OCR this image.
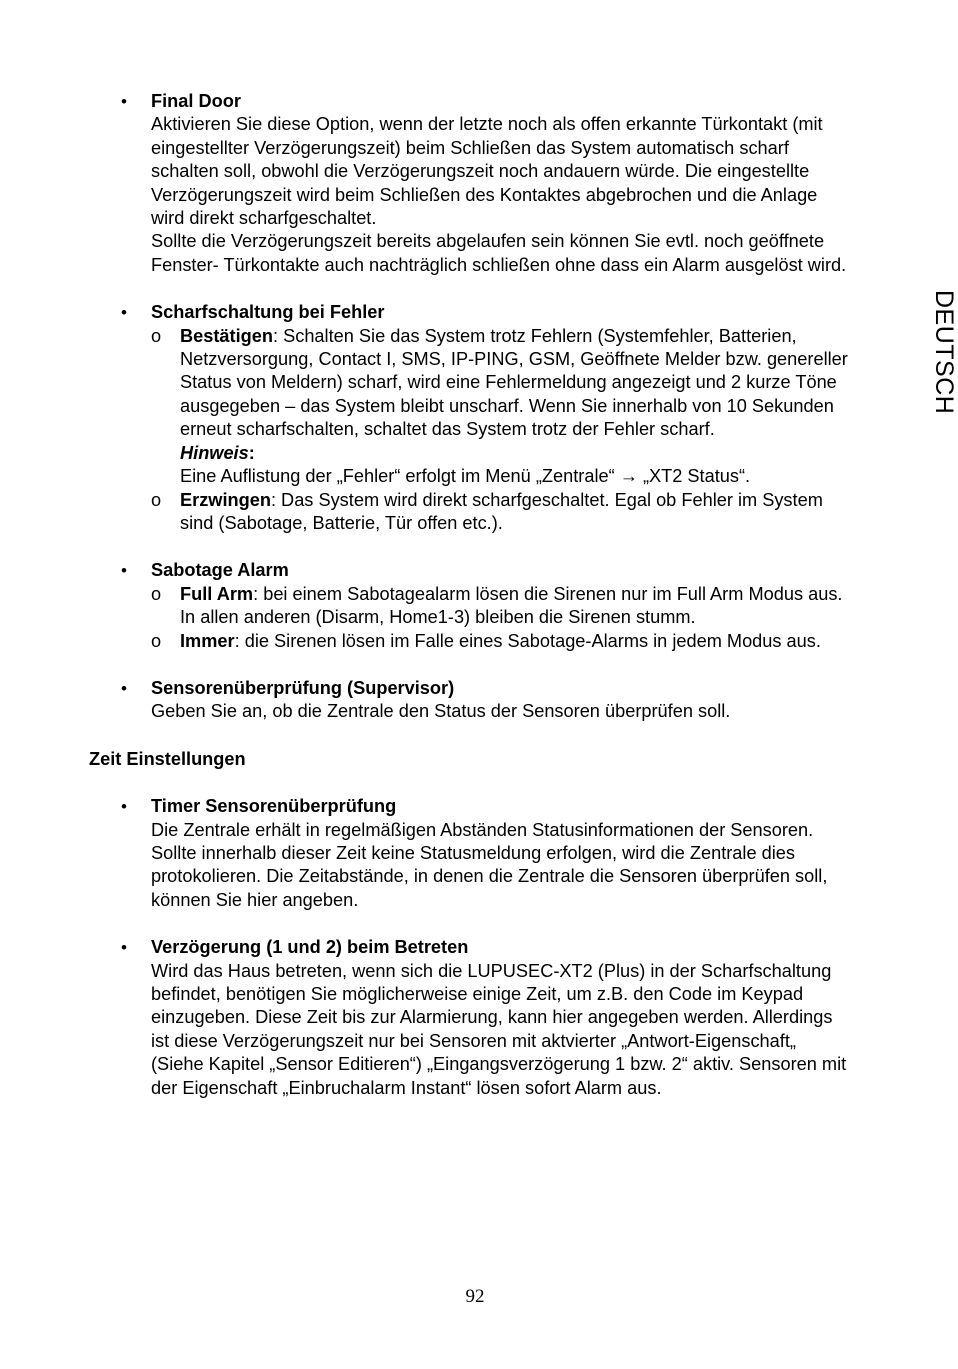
DEUTSCH
• Final Door
Aktivieren Sie diese Option, wenn der letzte noch als offen erkannte Türkontakt (mit eingestellter Verzögerungszeit) beim Schließen das System automatisch scharf schalten soll, obwohl die Verzögerungszeit noch andauern würde. Die eingestellte Verzögerungszeit wird beim Schließen des Kontaktes abgebrochen und die Anlage wird direkt scharfgeschaltet.
Sollte die Verzögerungszeit bereits abgelaufen sein können Sie evtl. noch geöffnete Fenster- Türkontakte auch nachträglich schließen ohne dass ein Alarm ausgelöst wird.
• Scharfschaltung bei Fehler
o Bestätigen: Schalten Sie das System trotz Fehlern (Systemfehler, Batterien, Netzversorgung, Contact I, SMS, IP-PING, GSM, Geöffnete Melder bzw. genereller Status von Meldern) scharf, wird eine Fehlermeldung angezeigt und 2 kurze Töne ausgegeben – das System bleibt unscharf. Wenn Sie innerhalb von 10 Sekunden erneut scharfschalten, schaltet das System trotz der Fehler scharf.
Hinweis:
Eine Auflistung der „Fehler“ erfolgt im Menü „Zentrale“ → „XT2 Status“.
o Erzwingen: Das System wird direkt scharfgeschaltet. Egal ob Fehler im System sind (Sabotage, Batterie, Tür offen etc.).
• Sabotage Alarm
o Full Arm: bei einem Sabotagealarm lösen die Sirenen nur im Full Arm Modus aus. In allen anderen (Disarm, Home1-3) bleiben die Sirenen stumm.
o Immer: die Sirenen lösen im Falle eines Sabotage-Alarms in jedem Modus aus.
• Sensorenüberprüfung (Supervisor)
Geben Sie an, ob die Zentrale den Status der Sensoren überprüfen soll.
Zeit Einstellungen
• Timer Sensorenüberprüfung
Die Zentrale erhält in regelmäßigen Abständen Statusinformationen der Sensoren. Sollte innerhalb dieser Zeit keine Statusmeldung erfolgen, wird die Zentrale dies protokolieren. Die Zeitabstände, in denen die Zentrale die Sensoren überprüfen soll, können Sie hier angeben.
• Verzögerung (1 und 2) beim Betreten
Wird das Haus betreten, wenn sich die LUPUSEC-XT2 (Plus) in der Scharfschaltung befindet, benötigen Sie möglicherweise einige Zeit, um z.B. den Code im Keypad einzugeben. Diese Zeit bis zur Alarmierung, kann hier angegeben werden. Allerdings ist diese Verzögerungszeit nur bei Sensoren mit aktvierter „Antwort-Eigenschaft„ (Siehe Kapitel „Sensor Editieren“) „Eingangsverzögerung 1 bzw. 2“ aktiv. Sensoren mit der Eigenschaft „Einbruchalarm Instant“ lösen sofort Alarm aus.
92
